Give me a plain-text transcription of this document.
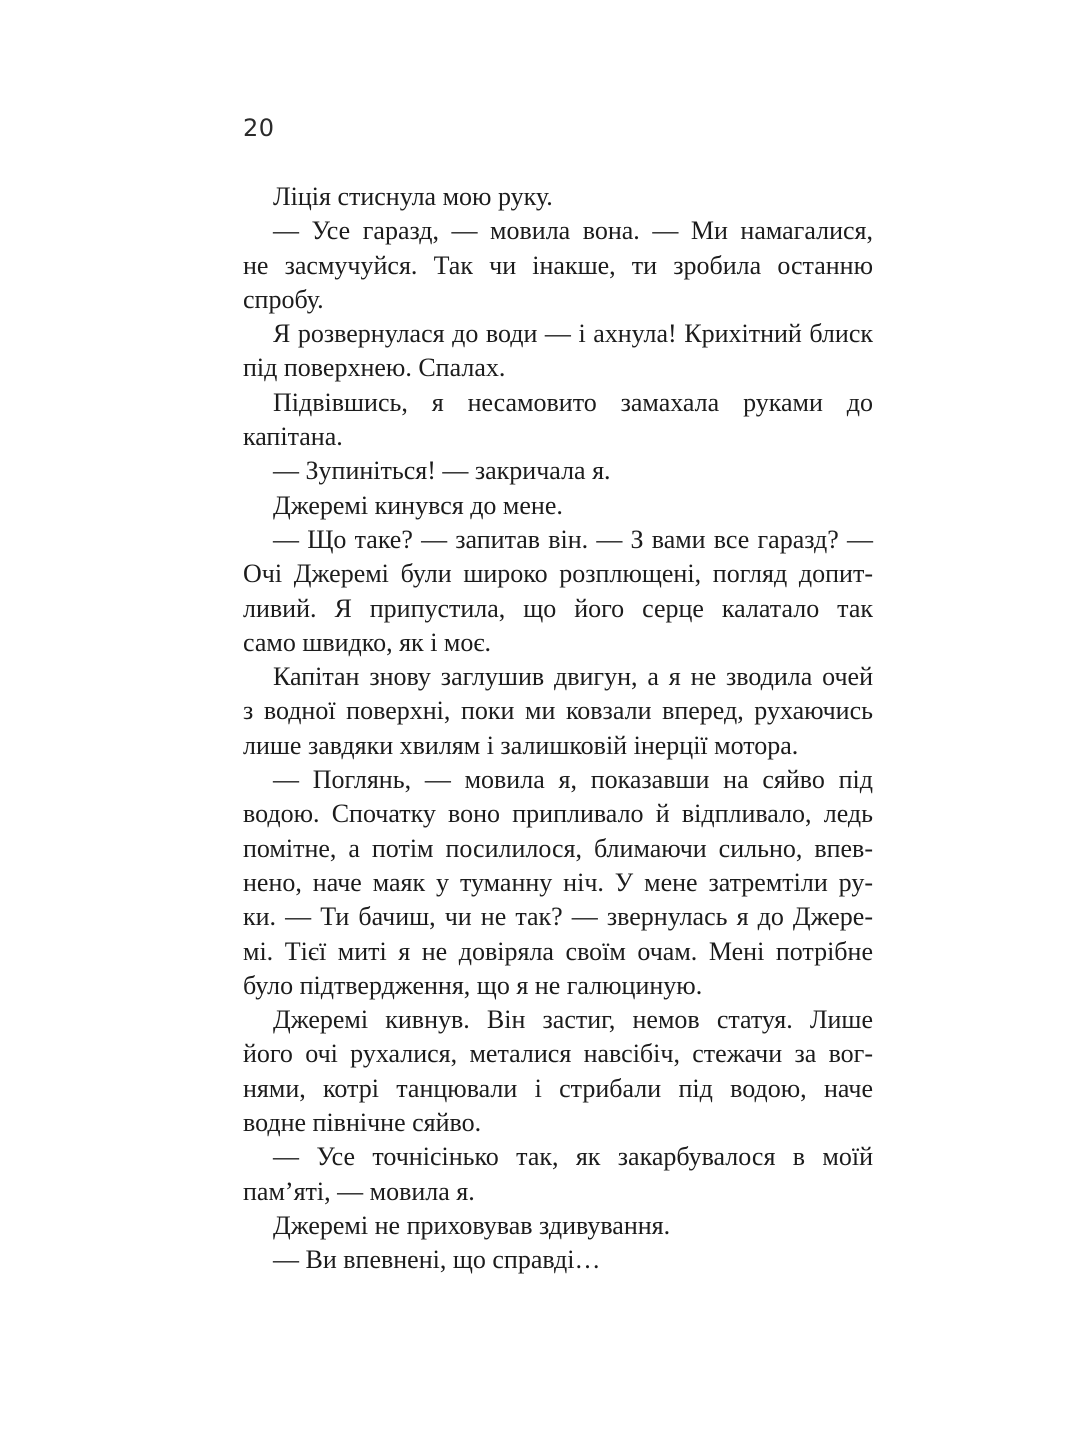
20
Ліція стиснула мою руку.
— Усе гаразд, — мовила вона. — Ми намагалися,
не засмучуйся. Так чи інакше, ти зробила останню
спробу.
Я розвернулася до води — і ахнула! Крихітний блиск
під поверхнею. Спалах.
Підвівшись, я несамовито замахала руками до
капітана.
— Зупиніться! — закричала я.
Джеремі кинувся до мене.
— Що таке? — запитав він. — З вами все гаразд? —
Очі Джеремі були широко розплющені, погляд допит-
ливий. Я припустила, що його серце калатало так
само швидко, як і моє.
Капітан знову заглушив двигун, а я не зводила очей
з водної поверхні, поки ми ковзали вперед, рухаючись
лише завдяки хвилям і залишковій інерції мотора.
— Поглянь, — мовила я, показавши на сяйво під
водою. Спочатку воно припливало й відпливало, ледь
помітне, а потім посилилося, блимаючи сильно, впев-
нено, наче маяк у туманну ніч. У мене затремтіли ру-
ки. — Ти бачиш, чи не так? — звернулась я до Джере-
мі. Тієї миті я не довіряла своїм очам. Мені потрібне
було підтвердження, що я не галюциную.
Джеремі кивнув. Він застиг, немов статуя. Лише
його очі рухалися, металися навсібіч, стежачи за вог-
нями, котрі танцювали і стрибали під водою, наче
водне північне сяйво.
— Усе точнісінько так, як закарбувалося в моїй
пам’яті, — мовила я.
Джеремі не приховував здивування.
— Ви впевнені, що справді…
